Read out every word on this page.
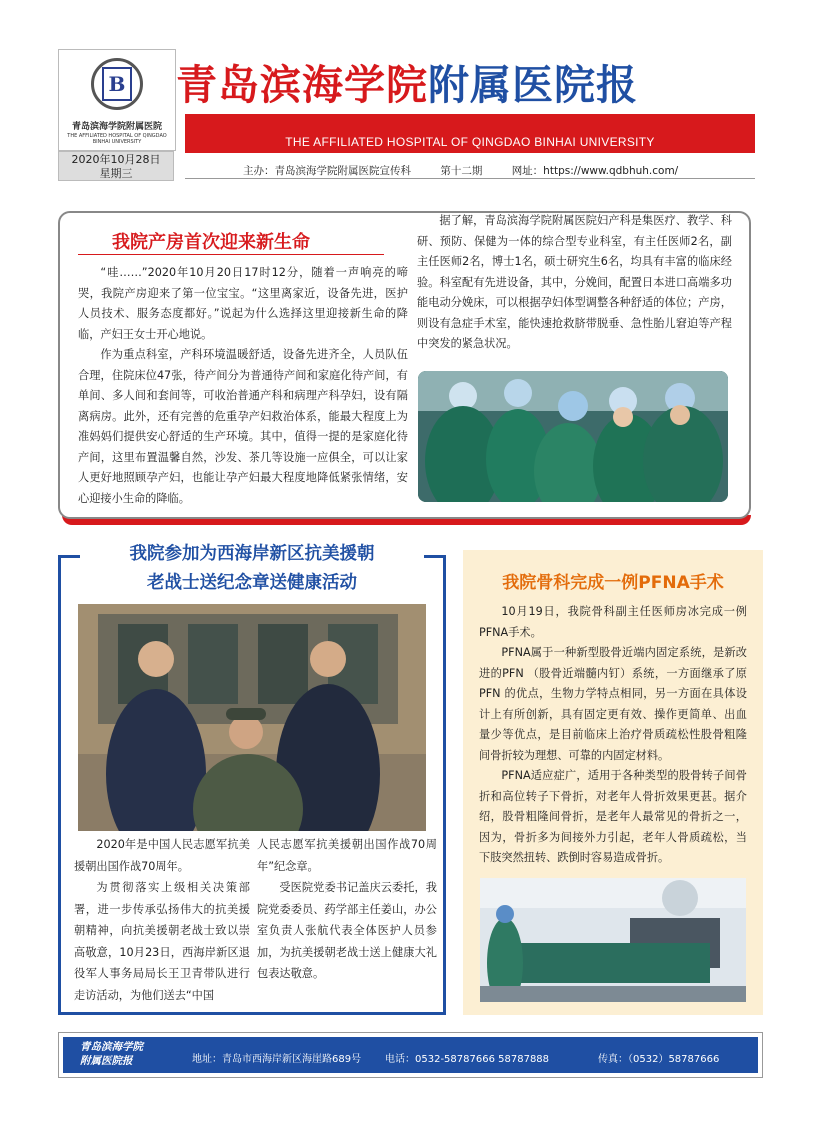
B
青岛滨海学院附属医院
THE AFFILIATED HOSPITAL OF QINGDAO BINHAI UNIVERSITY
2020年10月28日
星期三
青岛滨海学院附属医院报
THE AFFILIATED HOSPITAL OF QINGDAO BINHAI UNIVERSITY
主办：青岛滨海学院附属医院宣传科	第十二期	网址：https://www.qdbhuh.com/
我院产房首次迎来新生命

“哇……”2020年10月20日17时12分，随着一声响亮的啼哭，我院产房迎来了第一位宝宝。“这里离家近，设备先进，医护人员技术、服务态度都好。”说起为什么选择这里迎接新生命的降临，产妇王女士开心地说。

作为重点科室，产科环境温暖舒适，设备先进齐全，人员队伍合理，住院床位47张，待产间分为普通待产间和家庭化待产间，有单间、多人间和套间等，可收治普通产科和病理产科孕妇，设有隔离病房。此外，还有完善的危重孕产妇救治体系，能最大程度上为准妈妈们提供安心舒适的生产环境。其中，值得一提的是家庭化待产间，这里布置温馨自然，沙发、茶几等设施一应俱全，可以让家人更好地照顾孕产妇，也能让孕产妇最大程度地降低紧张情绪，安心迎接小生命的降临。

据了解，青岛滨海学院附属医院妇产科是集医疗、教学、科研、预防、保健为一体的综合型专业科室，有主任医师2名，副主任医师2名，博士1名，硕士研究生6名，均具有丰富的临床经验。科室配有先进设备，其中，分娩间，配置日本进口高端多功能电动分娩床，可以根据孕妇体型调整各种舒适的体位；产房，则设有急症手术室，能快速抢救脐带脱垂、急性胎儿窘迫等产程中突发的紧急状况。

我院参加为西海岸新区抗美援朝
老战士送纪念章送健康活动

2020年是中国人民志愿军抗美援朝出国作战70周年。

为贯彻落实上级相关决策部署，进一步传承弘扬伟大的抗美援朝精神，向抗美援朝老战士致以崇高敬意，10月23日，西海岸新区退役军人事务局局长王卫青带队进行走访活动，为他们送去“中国

人民志愿军抗美援朝出国作战70周年”纪念章。

受医院党委书记盖庆云委托，我院党委委员、药学部主任姜山，办公室负责人张航代表全体医护人员参加，为抗美援朝老战士送上健康大礼包表达敬意。

我院骨科完成一例PFNA手术

10月19日，我院骨科副主任医师房冰完成一例PFNA手术。

PFNA属于一种新型股骨近端内固定系统，是新改进的PFN （股骨近端髓内钉）系统，一方面继承了原PFN 的优点，生物力学特点相同，另一方面在具体设计上有所创新，具有固定更有效、操作更简单、出血量少等优点，是目前临床上治疗骨质疏松性股骨粗隆间骨折较为理想、可靠的内固定材料。

PFNA适应症广，适用于各种类型的股骨转子间骨折和高位转子下骨折，对老年人骨折效果更甚。据介绍，股骨粗隆间骨折，是老年人最常见的骨折之一，因为，骨折多为间接外力引起，老年人骨质疏松，当下肢突然扭转、跌倒时容易造成骨折。

青岛滨海学院
附属医院报	地址：青岛市西海岸新区海崖路689号 电话：0532-58787666 58787888	传真：（0532）58787666
